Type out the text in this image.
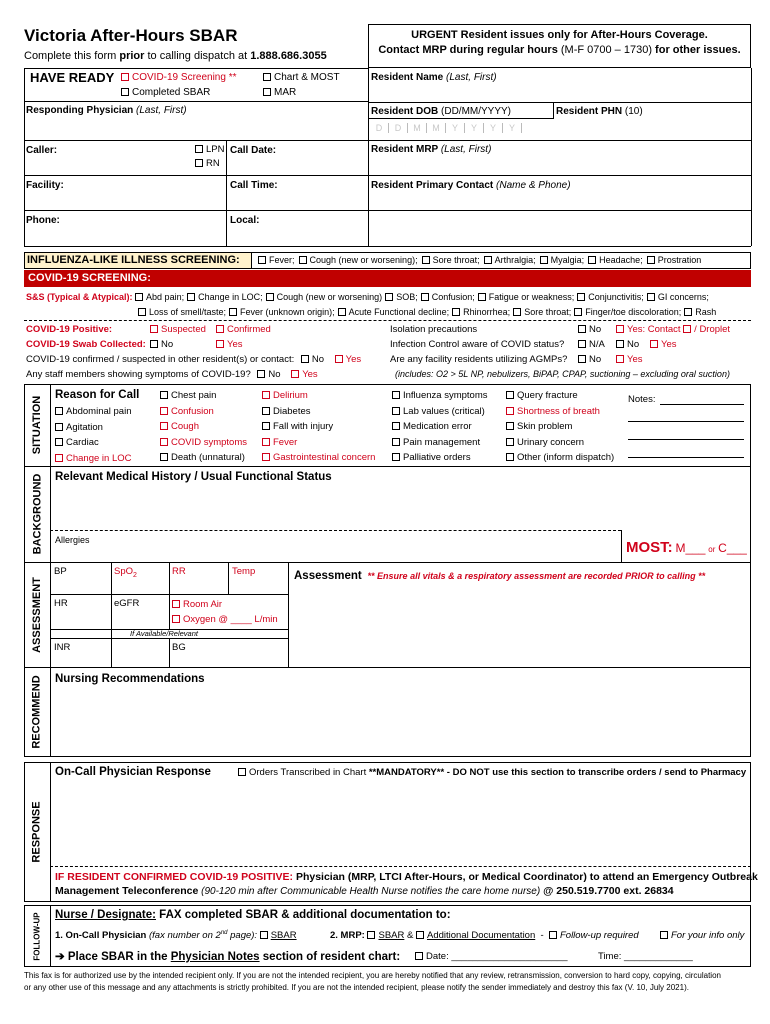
Victoria After-Hours SBAR
Complete this form prior to calling dispatch at 1.888.686.3055
URGENT Resident issues only for After-Hours Coverage.
Contact MRP during regular hours (M-F 0700 – 1730) for other issues.
HAVE READY	COVID-19 Screening **
Completed SBAR
Chart & MOST
MAR
Responding Physician (Last, First)
Caller:	LPN
RN
Call Date:
Facility:	Call Time:
Phone:	Local:
Resident Name (Last, First)
Resident DOB (DD/MM/YYYY)
D D M M Y Y Y Y
Resident PHN (10)
Resident MRP (Last, First)
Resident Primary Contact (Name & Phone)
INFLUENZA-LIKE ILLNESS SCREENING:	Fever; Cough (new or worsening); Sore throat; Arthralgia; Myalgia; Headache; Prostration
COVID-19 SCREENING:
S&S (Typical & Atypical): Abd pain; Change in LOC; Cough (new or worsening) SOB; Confusion; Fatigue or weakness; Conjunctivitis; GI concerns;
Loss of smell/taste; Fever (unknown origin); Acute Functional decline; Rhinorrhea; Sore throat; Finger/toe discoloration; Rash
COVID-19 Positive:	Suspected	Confirmed
COVID-19 Swab Collected:	No	Yes
COVID-19 confirmed / suspected in other resident(s) or contact: No Yes
Any staff members showing symptoms of COVID-19? No Yes
Isolation precautions	No	Yes: Contact / Droplet
Infection Control aware of COVID status?	N/A	No	Yes
Are any facility residents utilizing AGMPs?	No	Yes
(includes: O2 > 5L NP, nebulizers, BiPAP, CPAP, suctioning – excluding oral suction)
SITUATION
Reason for Call
Abdominal pain
Agitation
Cardiac
Change in LOC
Chest pain
Confusion
Cough
COVID symptoms
Death (unnatural)
Delirium
Diabetes
Fall with injury
Fever
Gastrointestinal concern
Influenza symptoms
Lab values (critical)
Medication error
Pain management
Palliative orders
Query fracture
Shortness of breath
Skin problem
Urinary concern
Other (inform dispatch)
Notes:
BACKGROUND Relevant Medical History / Usual Functional Status
Allergies	MOST: M___ or C___
ASSESSMENT
BP	SpO$_2$	RR	Temp
HR	eGFR	Room Air
Oxygen @ ____ L/min
If Available/Relevant
INR	BG
Assessment ** Ensure all vitals & a respiratory assessment are recorded PRIOR to calling **
RECOMMEND Nursing Recommendations
RESPONSE
On-Call Physician Response	Orders Transcribed in Chart **MANDATORY** - DO NOT use this section to transcribe orders / send to Pharmacy
IF RESIDENT CONFIRMED COVID-19 POSITIVE: Physician (MRP, LTCI After-Hours, or Medical Coordinator) to attend an Emergency Outbreak
Management Teleconference (90-120 min after Communicable Health Nurse notifies the care home nurse) @ 250.519.7700 ext. 26834
FOLLOW-UP Nurse / Designate: FAX completed SBAR & additional documentation to:
1. On-Call Physician (fax number on 2nd page): SBAR	2. MRP: SBAR & Additional Documentation  -  Follow-up required	For your info only
➔ Place SBAR in the Physician Notes section of resident chart:	Date: ______________________	Time: _____________
This fax is for authorized use by the intended recipient only. If you are not the intended recipient, you are hereby notified that any review, retransmission, conversion to hard copy, copying, circulation
or any other use of this message and any attachments is strictly prohibited. If you are not the intended recipient, please notify the sender immediately and destroy this fax (V. 10, July 2021).
